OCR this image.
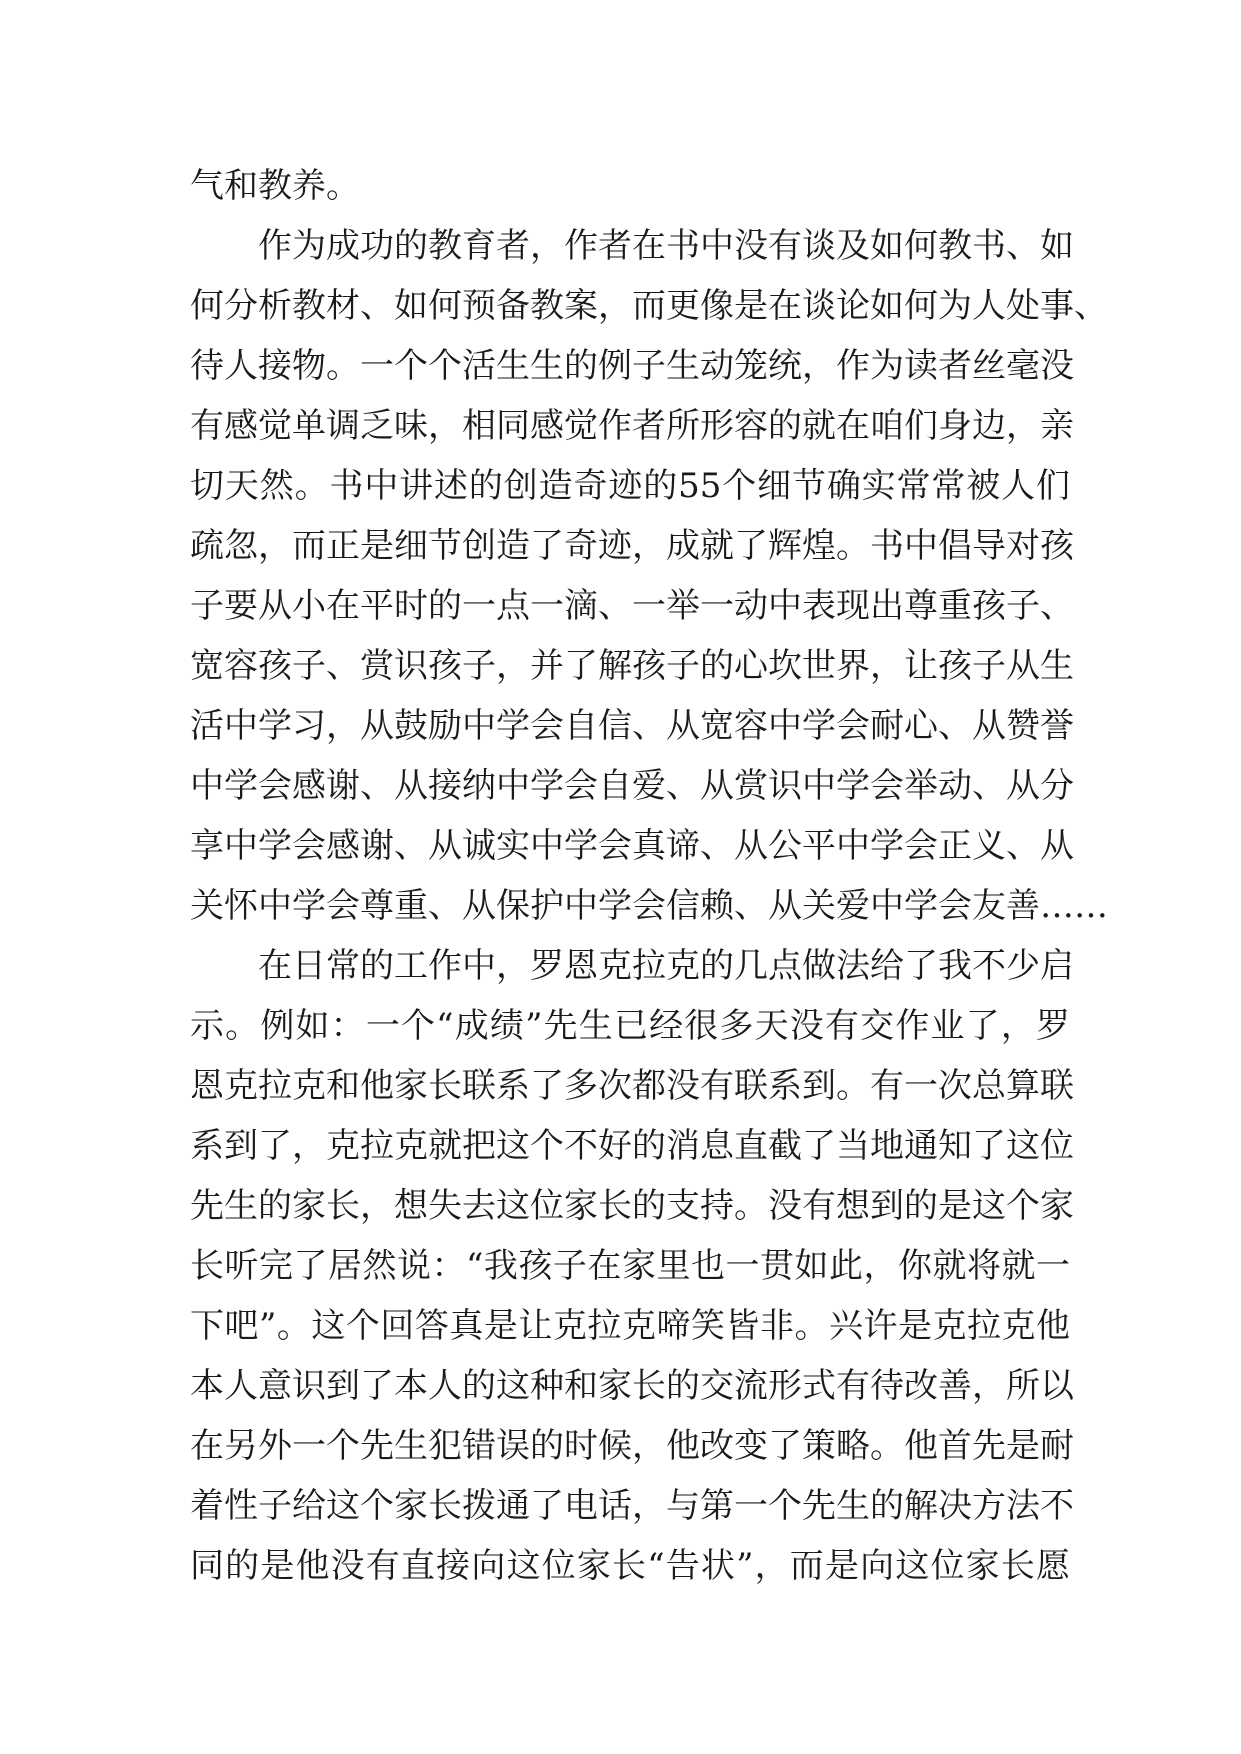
气和教养。
作为成功的教育者，作者在书中没有谈及如何教书、如
何分析教材、如何预备教案，而更像是在谈论如何为人处事、
待人接物。一个个活生生的例子生动笼统，作为读者丝毫没
有感觉单调乏味，相同感觉作者所形容的就在咱们身边，亲
切天然。书中讲述的创造奇迹的55个细节确实常常被人们
疏忽，而正是细节创造了奇迹，成就了辉煌。书中倡导对孩
子要从小在平时的一点一滴、一举一动中表现出尊重孩子、
宽容孩子、赏识孩子，并了解孩子的心坎世界，让孩子从生
活中学习，从鼓励中学会自信、从宽容中学会耐心、从赞誉
中学会感谢、从接纳中学会自爱、从赏识中学会举动、从分
享中学会感谢、从诚实中学会真谛、从公平中学会正义、从
关怀中学会尊重、从保护中学会信赖、从关爱中学会友善……
在日常的工作中，罗恩克拉克的几点做法给了我不少启
示。例如：一个“成绩”先生已经很多天没有交作业了，罗
恩克拉克和他家长联系了多次都没有联系到。有一次总算联
系到了，克拉克就把这个不好的消息直截了当地通知了这位
先生的家长，想失去这位家长的支持。没有想到的是这个家
长听完了居然说：“我孩子在家里也一贯如此，你就将就一
下吧”。这个回答真是让克拉克啼笑皆非。兴许是克拉克他
本人意识到了本人的这种和家长的交流形式有待改善，所以
在另外一个先生犯错误的时候，他改变了策略。他首先是耐
着性子给这个家长拨通了电话，与第一个先生的解决方法不
同的是他没有直接向这位家长“告状”，而是向这位家长愿
